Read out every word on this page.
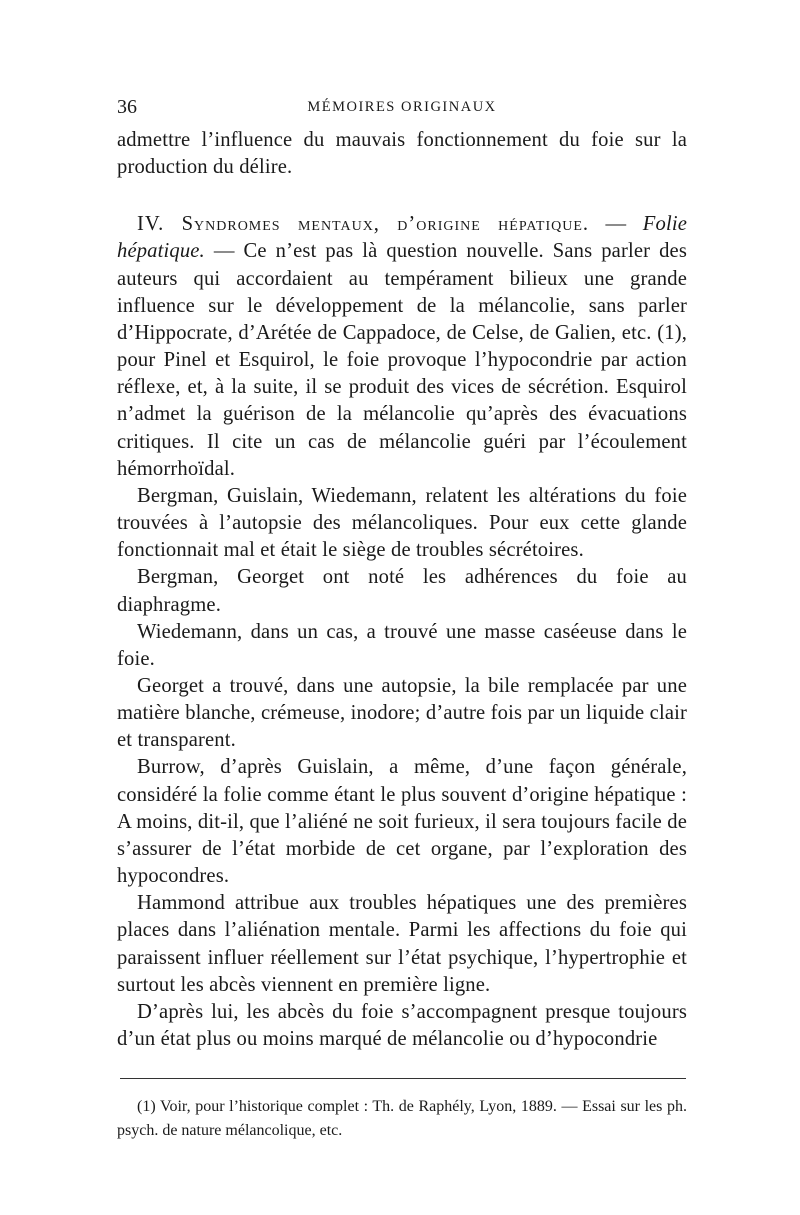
36	MÉMOIRES ORIGINAUX

admettre l’influence du mauvais fonctionnement du foie sur la production du délire.

IV. Syndromes mentaux, d’origine hépatique. — Folie hépatique. — Ce n’est pas là question nouvelle. Sans parler des auteurs qui accordaient au tempérament bilieux une grande influence sur le développement de la mélancolie, sans parler d’Hippocrate, d’Arétée de Cappadoce, de Celse, de Galien, etc. (1), pour Pinel et Esquirol, le foie provoque l’hypocondrie par action réflexe, et, à la suite, il se produit des vices de sécrétion. Esquirol n’admet la guérison de la mélancolie qu’après des évacuations critiques. Il cite un cas de mélancolie guéri par l’écoulement hémorrhoïdal.

Bergman, Guislain, Wiedemann, relatent les altérations du foie trouvées à l’autopsie des mélancoliques. Pour eux cette glande fonctionnait mal et était le siège de troubles sécrétoires.

Bergman, Georget ont noté les adhérences du foie au diaphragme.

Wiedemann, dans un cas, a trouvé une masse caséeuse dans le foie.

Georget a trouvé, dans une autopsie, la bile remplacée par une matière blanche, crémeuse, inodore; d’autre fois par un liquide clair et transparent.

Burrow, d’après Guislain, a même, d’une façon générale, considéré la folie comme étant le plus souvent d’origine hépatique : A moins, dit-il, que l’aliéné ne soit furieux, il sera toujours facile de s’assurer de l’état morbide de cet organe, par l’exploration des hypocondres.

Hammond attribue aux troubles hépatiques une des premières places dans l’aliénation mentale. Parmi les affections du foie qui paraissent influer réellement sur l’état psychique, l’hypertrophie et surtout les abcès viennent en première ligne.

D’après lui, les abcès du foie s’accompagnent presque toujours d’un état plus ou moins marqué de mélancolie ou d’hypocondrie

(1) Voir, pour l’historique complet : Th. de Raphély, Lyon, 1889. — Essai sur les ph. psych. de nature mélancolique, etc.
